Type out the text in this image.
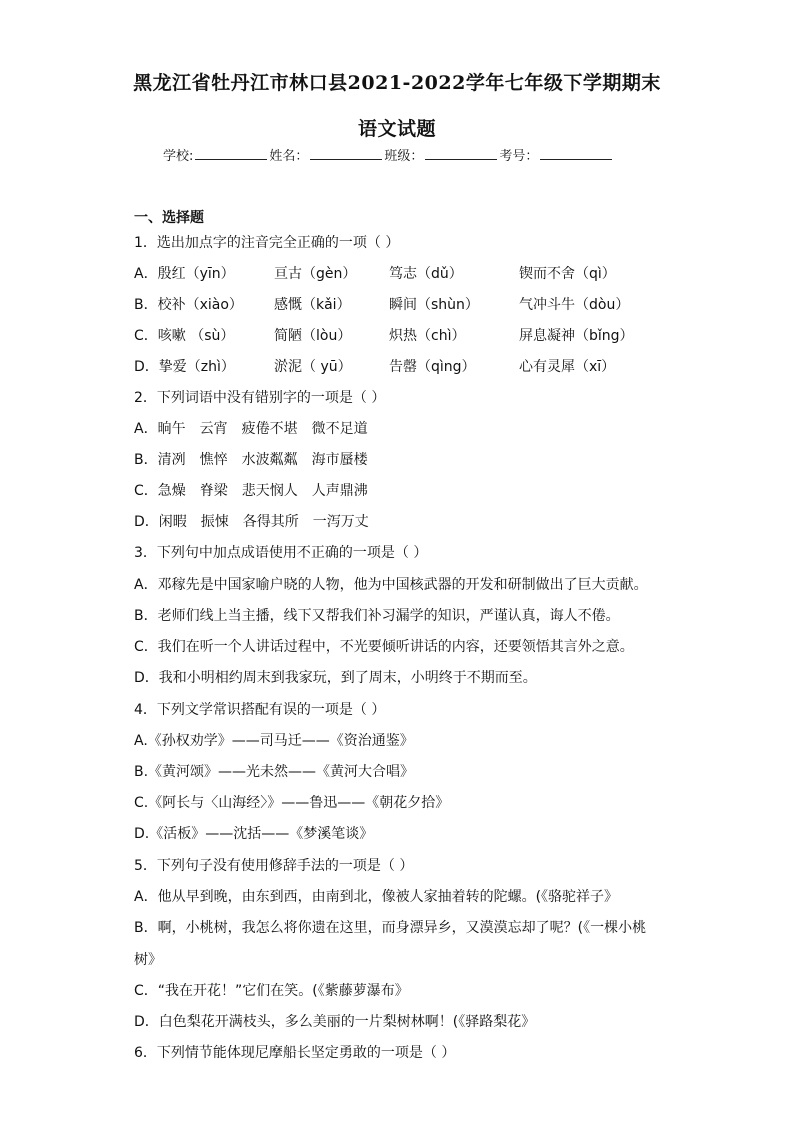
黑龙江省牡丹江市林口县2021-2022学年七年级下学期期末
语文试题
学校:	姓名：	班级：	考号：
一、选择题
1．选出加点字的注音完全正确的一项（ ）
A．殷红（yīn）	亘古（gèn） 笃志（dǔ）	锲而不舍（qì）
B．校补（xiào） 感慨（kǎi）	瞬间（shùn）	气冲斗牛（dòu）
C．咳嗽 （sù）	简陋（lòu）	炽热（chì）	屏息凝神（bǐng）
D．挚爱（zhì）	淤泥（ yū）	告罄（qìng）	心有灵犀（xī）
2．下列词语中没有错别字的一项是（ ）
A．晌午 云宵 疲倦不堪 微不足道
B．清冽 憔悴 水波粼粼 海市蜃楼
C．急燥 脊梁 悲天悯人 人声鼎沸
D．闲暇 振悚 各得其所 一泻万丈
3．下列句中加点成语使用不正确的一项是（ ）
A．邓稼先是中国家喻户晓的人物，他为中国核武器的开发和研制做出了巨大贡献。
B．老师们线上当主播，线下又帮我们补习漏学的知识，严谨认真，诲人不倦。
C．我们在听一个人讲话过程中，不光要倾听讲话的内容，还要领悟其言外之意。
D．我和小明相约周末到我家玩，到了周末，小明终于不期而至。
4．下列文学常识搭配有误的一项是（ ）
A.《孙权劝学》——司马迁——《资治通鉴》
B.《黄河颂》——光未然——《黄河大合唱》
C.《阿长与〈山海经〉》——鲁迅——《朝花夕拾》
D.《活板》——沈括——《梦溪笔谈》
5．下列句子没有使用修辞手法的一项是（ ）
A．他从早到晚，由东到西，由南到北，像被人家抽着转的陀螺。(《骆驼祥子》
B．啊，小桃树，我怎么将你遗在这里，而身漂异乡，又漠漠忘却了呢？(《一棵小桃
树》
C．“我在开花！”它们在笑。(《紫藤萝瀑布》
D．白色梨花开满枝头，多么美丽的一片梨树林啊！(《驿路梨花》
6．下列情节能体现尼摩船长坚定勇敢的一项是（ ）
